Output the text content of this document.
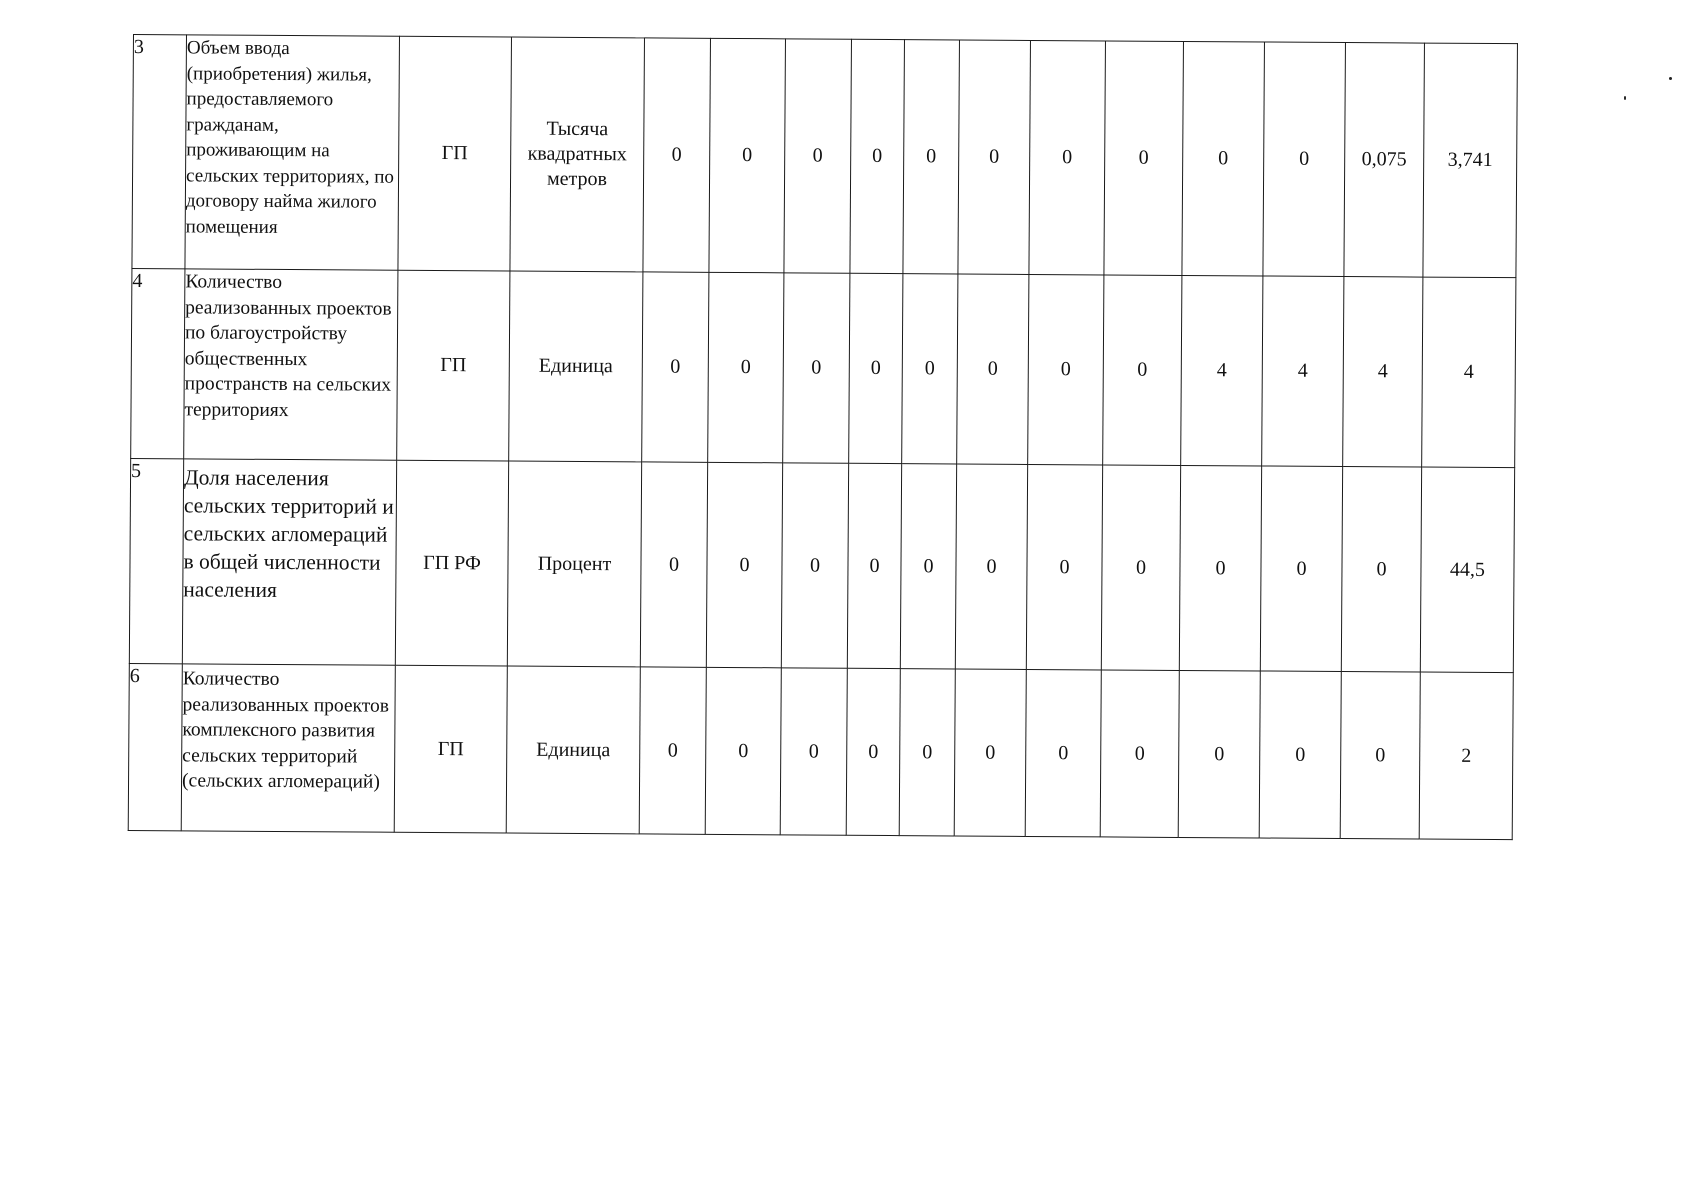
3	Объем ввода (приобретения) жилья, предоставляемого гражданам, проживающим на сельских территориях, по договору найма жилого помещения	ГП	Тысяча квадратных метров	0	0	0	0	0	0	0	0	0	0	0,075	3,741
4	Количество реализованных проектов по благоустройству общественных пространств на сельских территориях	ГП	Единица	0	0	0	0	0	0	0	0	4	4	4	4
5	Доля населения сельских территорий и сельских агломераций в общей численности населения	ГП РФ	Процент	0	0	0	0	0	0	0	0	0	0	0	44,5
6	Количество реализованных проектов комплексного развития сельских территорий (сельских агломераций)	ГП	Единица	0	0	0	0	0	0	0	0	0	0	0	2
